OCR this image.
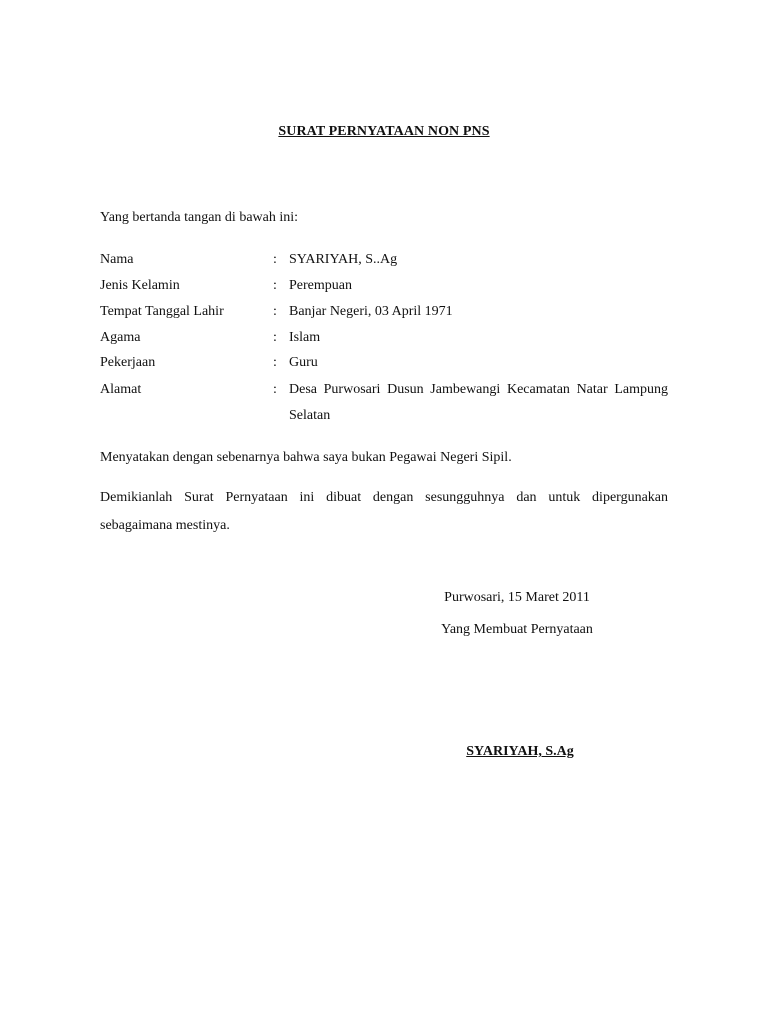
SURAT PERNYATAAN NON PNS
Yang bertanda tangan di bawah ini:
Nama	: SYARIYAH, S..Ag
Jenis Kelamin	: Perempuan
Tempat Tanggal Lahir	: Banjar Negeri, 03 April 1971
Agama	: Islam
Pekerjaan	: Guru
Alamat	: Desa Purwosari Dusun Jambewangi Kecamatan Natar Lampung Selatan
Menyatakan dengan sebenarnya bahwa saya bukan Pegawai Negeri Sipil.
Demikianlah Surat Pernyataan ini dibuat dengan sesungguhnya dan untuk dipergunakan sebagaimana mestinya.
Purwosari, 15 Maret 2011
Yang Membuat Pernyataan
SYARIYAH, S.Ag
